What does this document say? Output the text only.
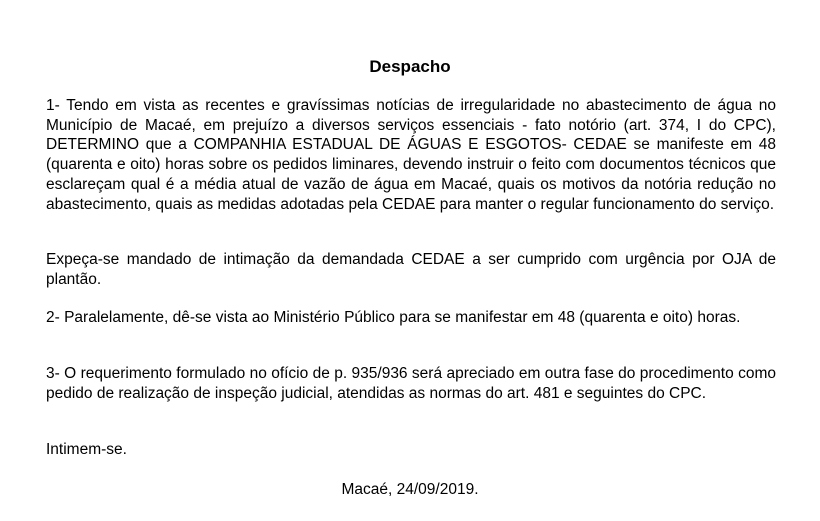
Despacho

1- Tendo em vista as recentes e gravíssimas notícias de irregularidade no abastecimento de água no Município de Macaé, em prejuízo a diversos serviços essenciais - fato notório (art. 374, I do CPC), DETERMINO que a COMPANHIA ESTADUAL DE ÁGUAS E ESGOTOS- CEDAE se manifeste em 48 (quarenta e oito) horas sobre os pedidos liminares, devendo instruir o feito com documentos técnicos que esclareçam qual é a média atual de vazão de água em Macaé, quais os motivos da notória redução no abastecimento, quais as medidas adotadas pela CEDAE para manter o regular funcionamento do serviço.

Expeça-se mandado de intimação da demandada CEDAE a ser cumprido com urgência por OJA de plantão.

2- Paralelamente, dê-se vista ao Ministério Público para se manifestar em 48 (quarenta e oito) horas.

3- O requerimento formulado no ofício de p. 935/936 será apreciado em outra fase do procedimento como pedido de realização de inspeção judicial, atendidas as normas do art. 481 e seguintes do CPC.

Intimem-se.

Macaé, 24/09/2019.
